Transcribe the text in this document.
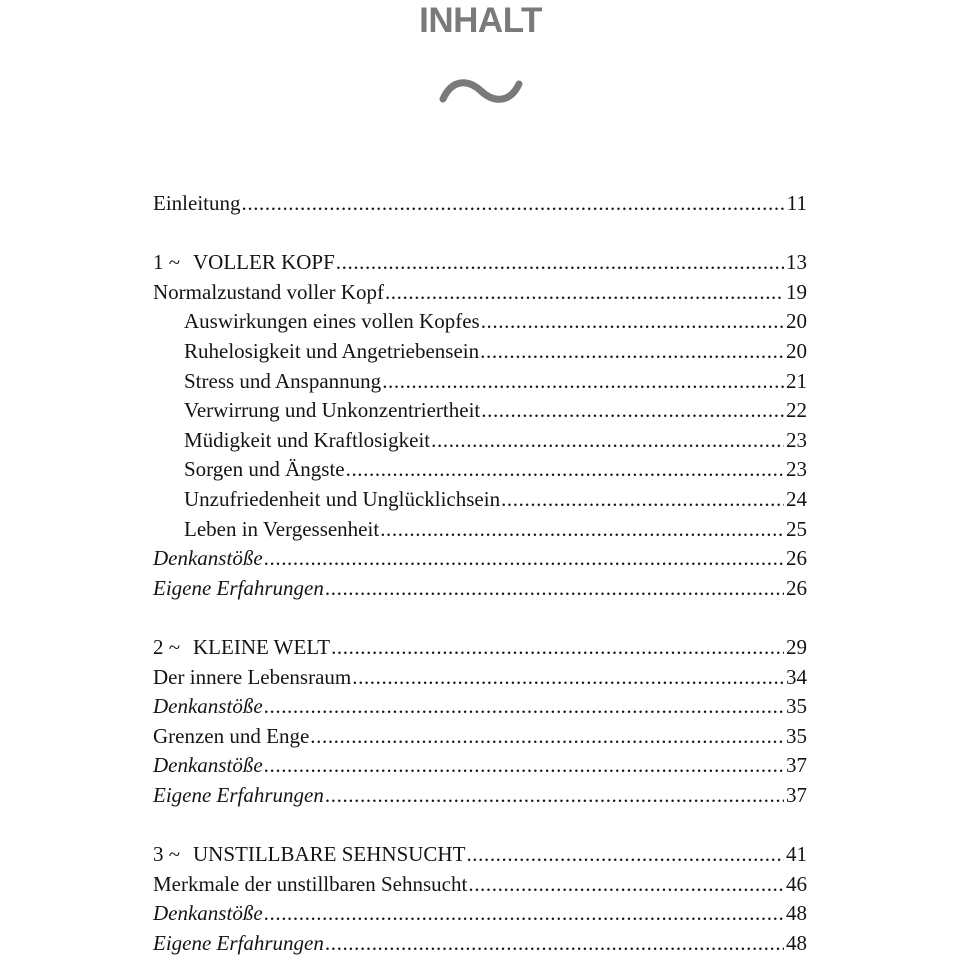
INHALT
Einleitung .....	11
1 ~ VOLLER KOPF .....	13
Normalzustand voller Kopf .....	19
Auswirkungen eines vollen Kopfes .....	20
Ruhelosigkeit und Angetriebensein .....	20
Stress und Anspannung .....	21
Verwirrung und Unkonzentriertheit .....	22
Müdigkeit und Kraftlosigkeit .....	23
Sorgen und Ängste .....	23
Unzufriedenheit und Unglücklichsein .....	24
Leben in Vergessenheit .....	25
Denkanstöße .....	26
Eigene Erfahrungen .....	26
2 ~ KLEINE WELT .....	29
Der innere Lebensraum .....	34
Denkanstöße .....	35
Grenzen und Enge .....	35
Denkanstöße .....	37
Eigene Erfahrungen .....	37
3 ~ UNSTILLBARE SEHNSUCHT .....	41
Merkmale der unstillbaren Sehnsucht .....	46
Denkanstöße .....	48
Eigene Erfahrungen .....	48
